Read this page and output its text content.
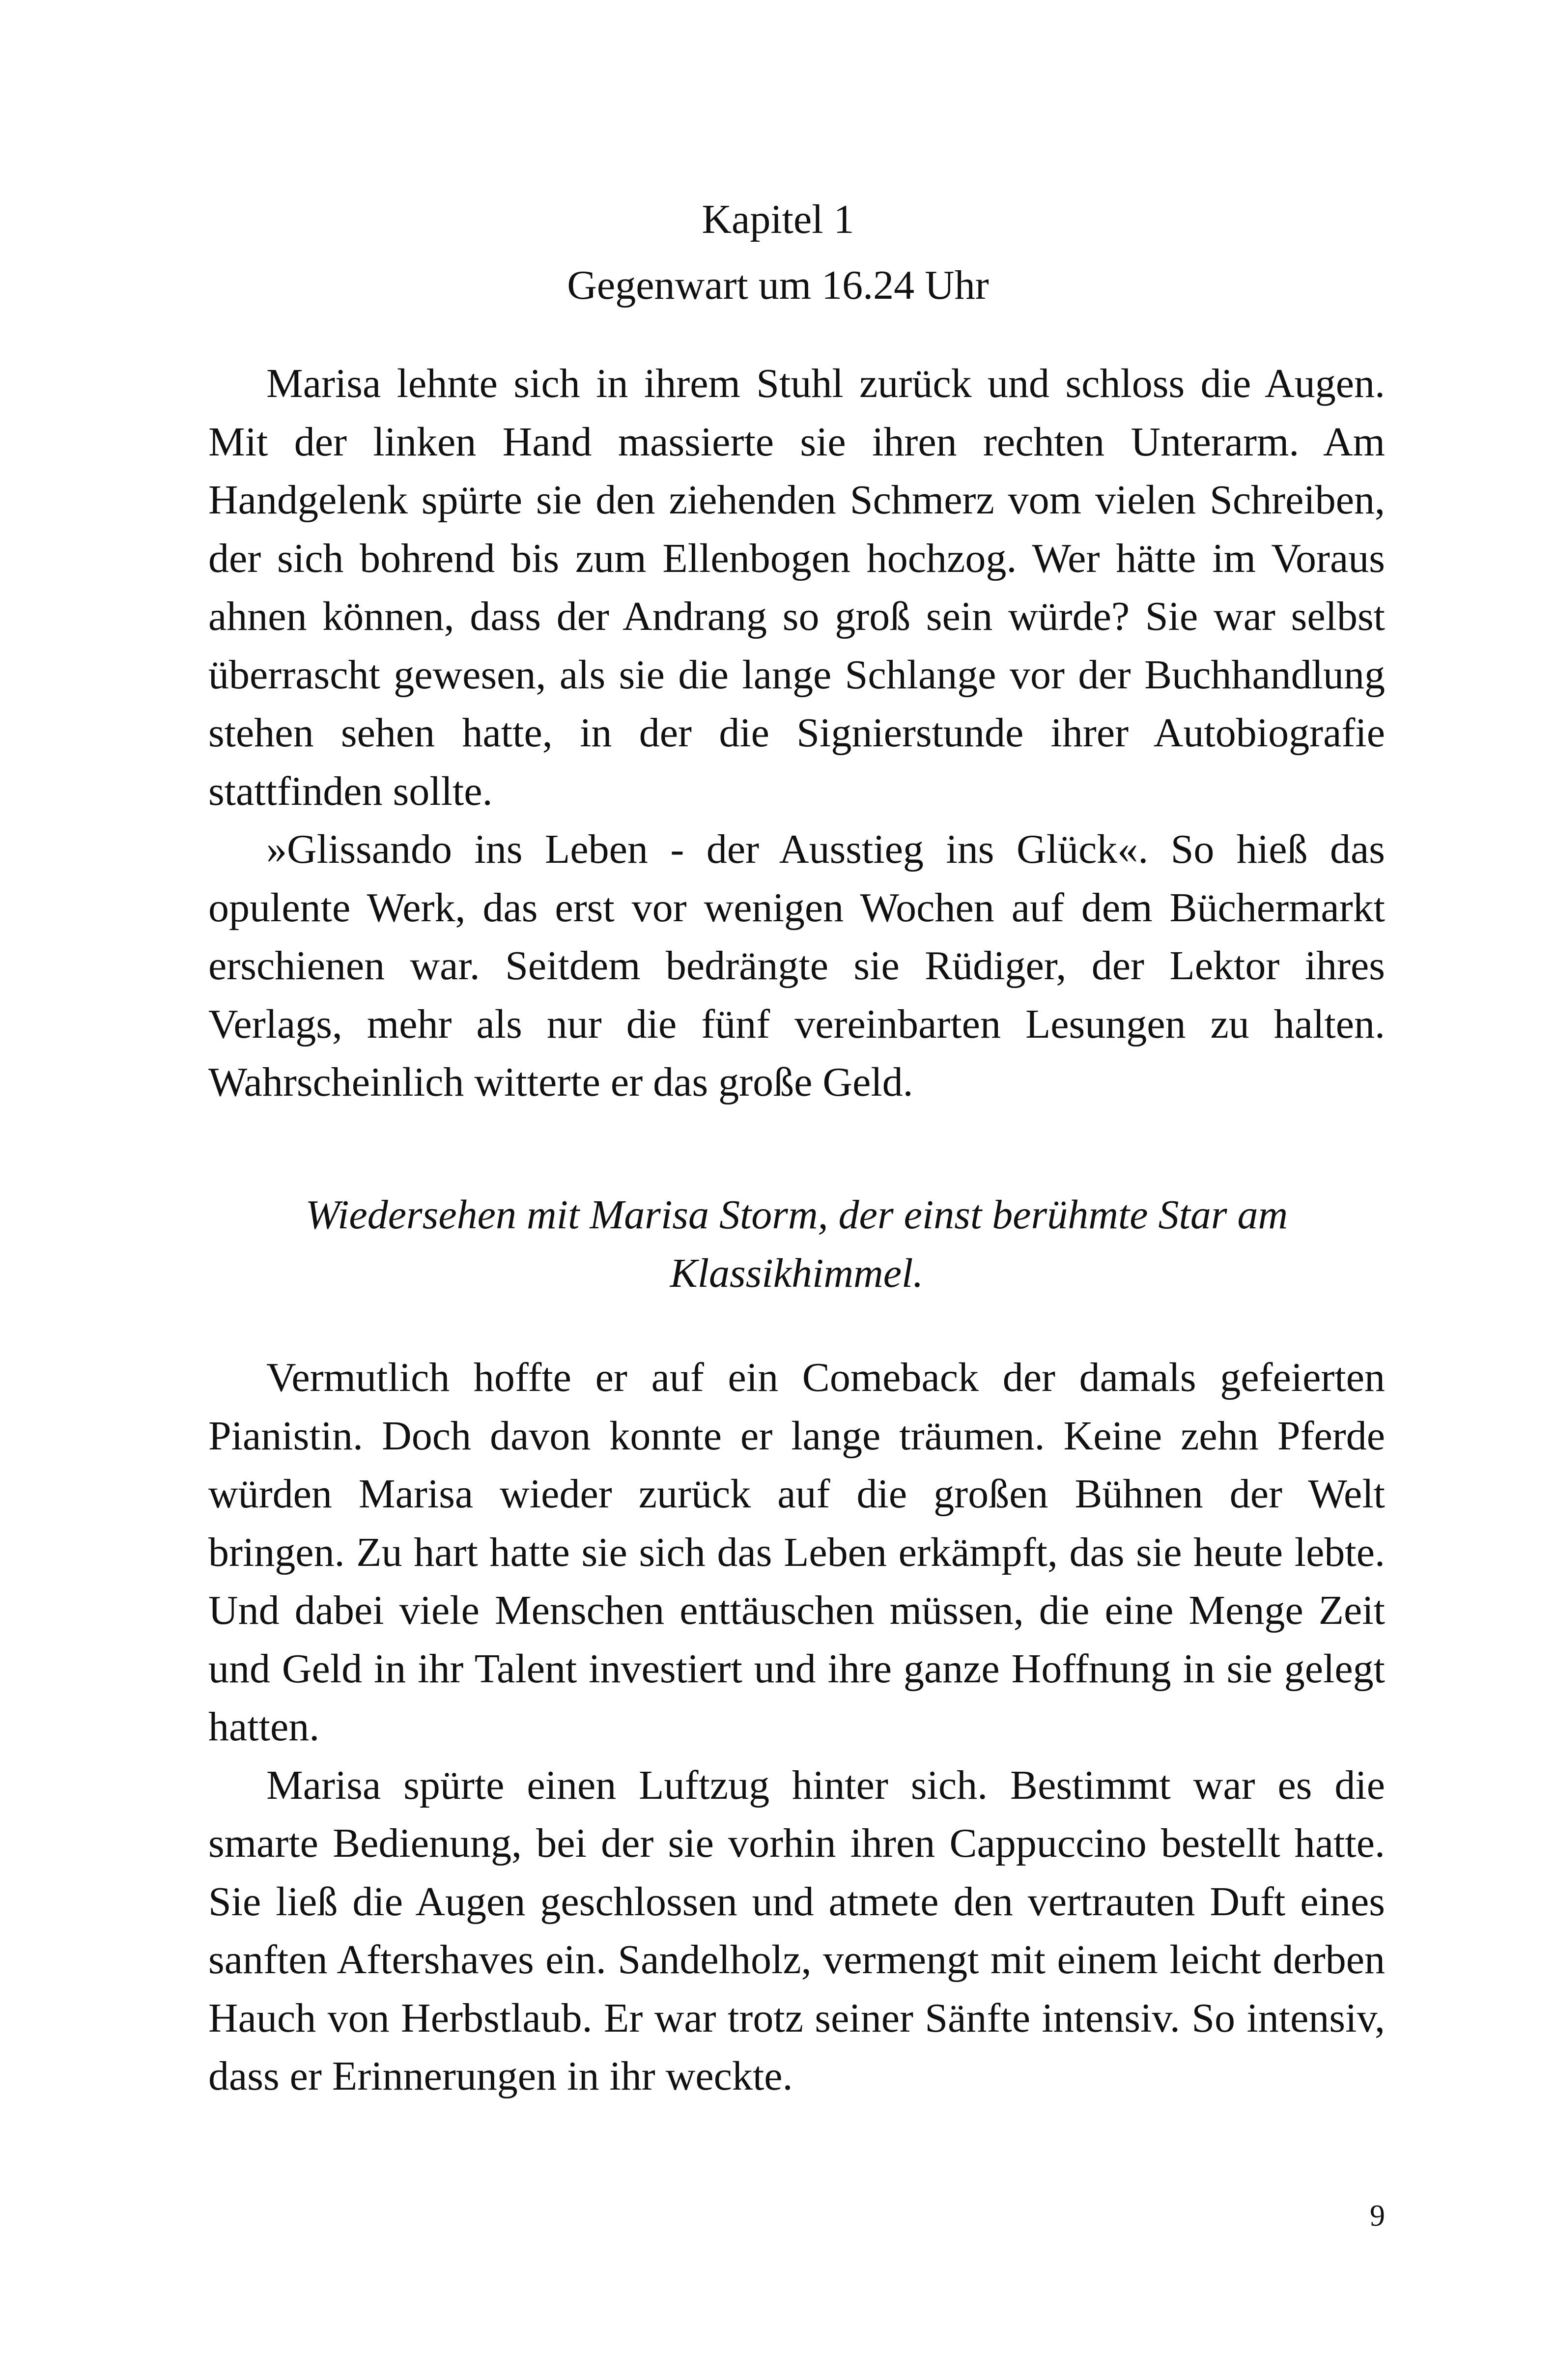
Kapitel 1
Gegenwart um 16.24 Uhr

Marisa lehnte sich in ihrem Stuhl zurück und schloss die Augen. Mit der linken Hand massierte sie ihren rechten Unterarm. Am Handgelenk spürte sie den ziehenden Schmerz vom vielen Schreiben, der sich bohrend bis zum Ellenbogen hochzog. Wer hätte im Voraus ahnen können, dass der Andrang so groß sein würde? Sie war selbst überrascht gewesen, als sie die lange Schlange vor der Buchhandlung stehen sehen hatte, in der die Signierstunde ihrer Autobiografie stattfinden sollte.

»Glissando ins Leben - der Ausstieg ins Glück«. So hieß das opulente Werk, das erst vor wenigen Wochen auf dem Büchermarkt erschienen war. Seitdem bedrängte sie Rüdiger, der Lektor ihres Verlags, mehr als nur die fünf vereinbarten Lesungen zu halten. Wahrscheinlich witterte er das große Geld.

Wiedersehen mit Marisa Storm, der einst berühmte Star am Klassikhimmel.

Vermutlich hoffte er auf ein Comeback der damals gefeierten Pianistin. Doch davon konnte er lange träumen. Keine zehn Pferde würden Marisa wieder zurück auf die großen Bühnen der Welt bringen. Zu hart hatte sie sich das Leben erkämpft, das sie heute lebte. Und dabei viele Menschen enttäuschen müssen, die eine Menge Zeit und Geld in ihr Talent investiert und ihre ganze Hoffnung in sie gelegt hatten.

Marisa spürte einen Luftzug hinter sich. Bestimmt war es die smarte Bedienung, bei der sie vorhin ihren Cappuccino bestellt hatte. Sie ließ die Augen geschlossen und atmete den vertrauten Duft eines sanften Aftershaves ein. Sandelholz, vermengt mit einem leicht derben Hauch von Herbstlaub. Er war trotz seiner Sänfte intensiv. So intensiv, dass er Erinnerungen in ihr weckte.

9
